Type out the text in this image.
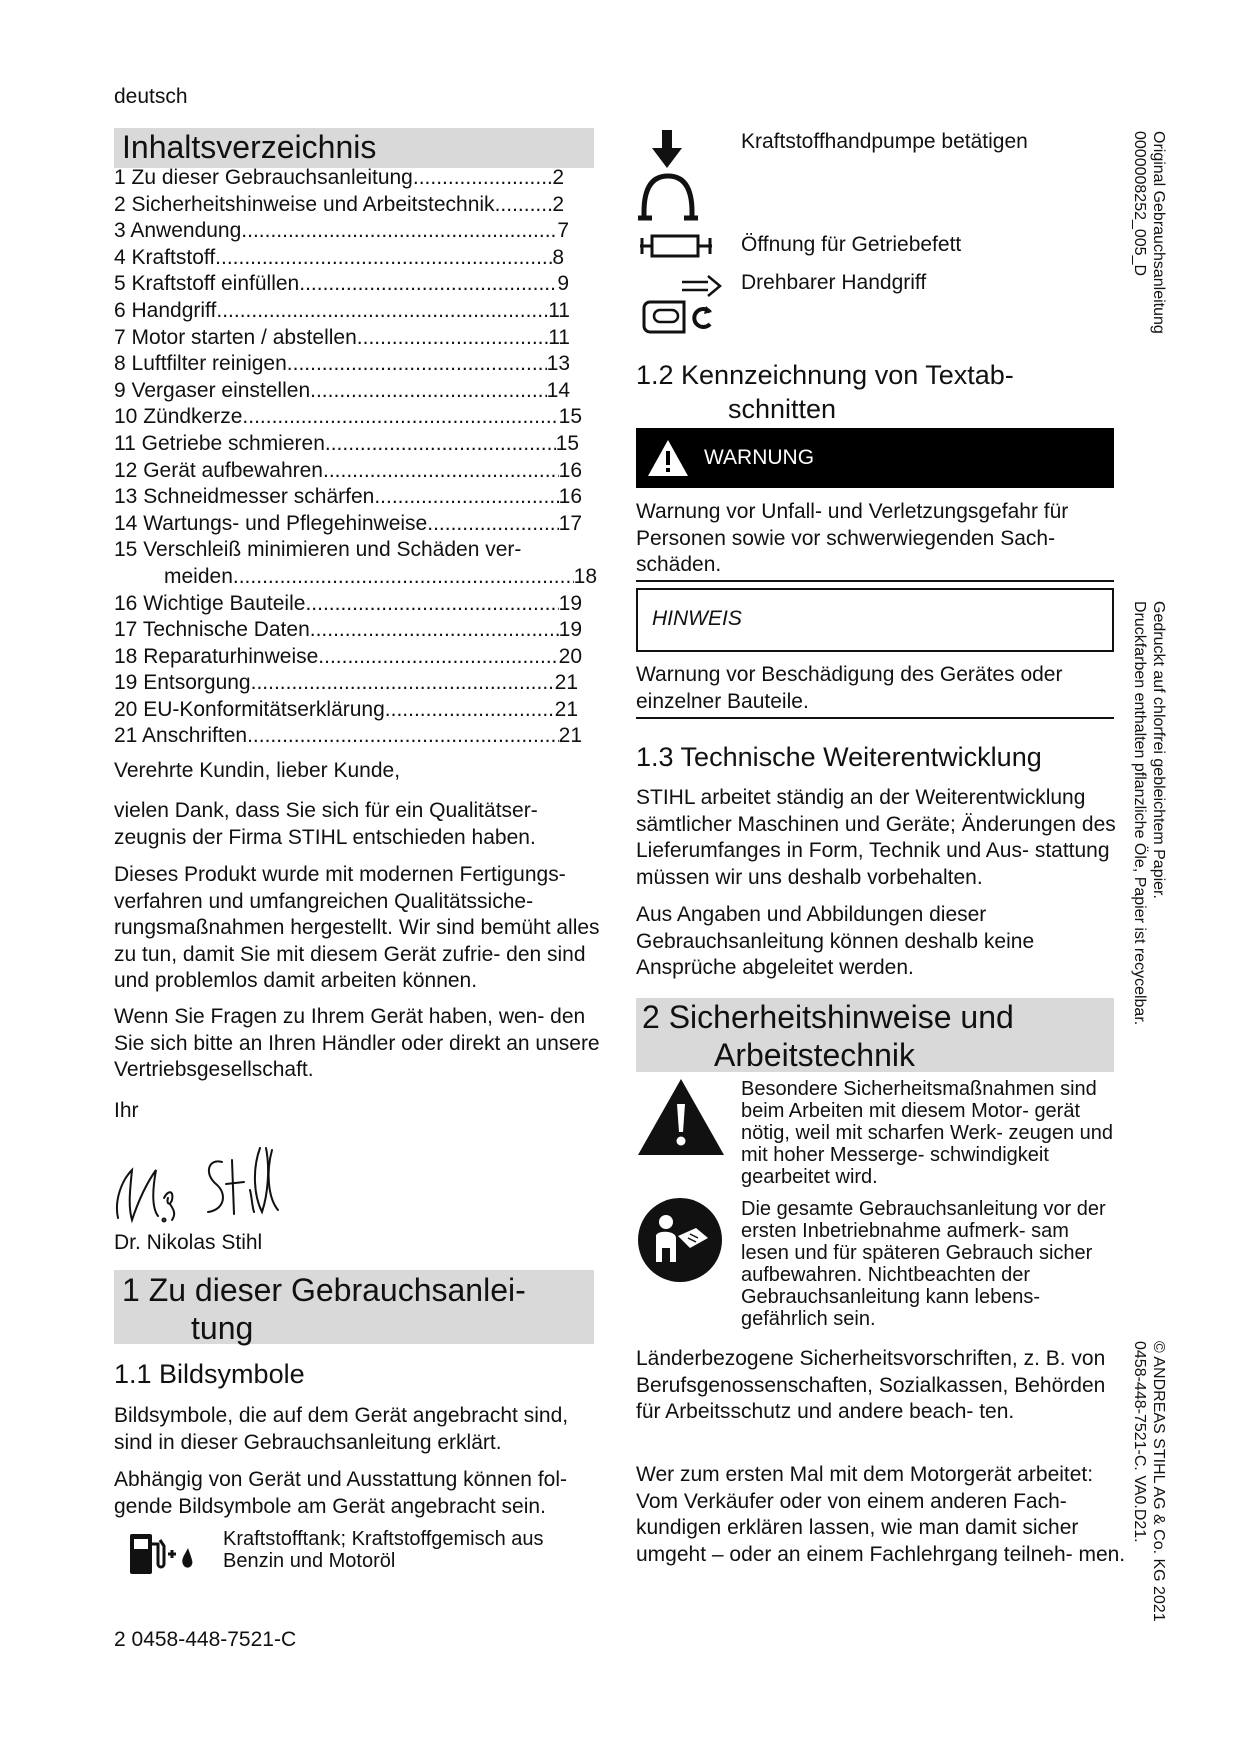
deutsch
Inhaltsverzeichnis
1 Zu dieser Gebrauchsanleitung .....	2
2 Sicherheitshinweise und Arbeitstechnik .....	2
3 Anwendung .....	7
4 Kraftstoff .....	8
5 Kraftstoff einfüllen .....	9
6 Handgriff .....	11
7 Motor starten / abstellen .....	11
8 Luftfilter reinigen .....	13
9 Vergaser einstellen .....	14
10 Zündkerze .....	15
11 Getriebe schmieren .....	15
12 Gerät aufbewahren .....	16
13 Schneidmesser schärfen .....	16
14 Wartungs- und Pflegehinweise .....	17
15 Verschleiß minimieren und Schäden ver-
meiden .....	18
16 Wichtige Bauteile .....	19
17 Technische Daten .....	19
18 Reparaturhinweise .....	20
19 Entsorgung .....	21
20 EU-Konformitätserklärung .....	21
21 Anschriften .....	21
Verehrte Kundin, lieber Kunde,
vielen Dank, dass Sie sich für ein Qualitätser- zeugnis der Firma STIHL entschieden haben.
Dieses Produkt wurde mit modernen Fertigungs- verfahren und umfangreichen Qualitätssiche- rungsmaßnahmen hergestellt. Wir sind bemüht alles zu tun, damit Sie mit diesem Gerät zufrie- den sind und problemlos damit arbeiten können.
Wenn Sie Fragen zu Ihrem Gerät haben, wen- den Sie sich bitte an Ihren Händler oder direkt an unsere Vertriebsgesellschaft.
Ihr
Dr. Nikolas Stihl
1 Zu dieser Gebrauchsanlei-
tung
1.1 Bildsymbole
Bildsymbole, die auf dem Gerät angebracht sind, sind in dieser Gebrauchsanleitung erklärt.
Abhängig von Gerät und Ausstattung können fol- gende Bildsymbole am Gerät angebracht sein.
Kraftstofftank; Kraftstoffgemisch aus Benzin und Motoröl
2 0458-448-7521-C
Kraftstoffhandpumpe betätigen
Öffnung für Getriebefett
Drehbarer Handgriff
1.2 Kennzeichnung von Textab-
schnitten
WARNUNG
Warnung vor Unfall- und Verletzungsgefahr für Personen sowie vor schwerwiegenden Sach- schäden.
HINWEIS
Warnung vor Beschädigung des Gerätes oder einzelner Bauteile.
1.3 Technische Weiterentwicklung
STIHL arbeitet ständig an der Weiterentwicklung sämtlicher Maschinen und Geräte; Änderungen des Lieferumfanges in Form, Technik und Aus- stattung müssen wir uns deshalb vorbehalten.
Aus Angaben und Abbildungen dieser Gebrauchsanleitung können deshalb keine Ansprüche abgeleitet werden.
2 Sicherheitshinweise und
Arbeitstechnik
Besondere Sicherheitsmaßnahmen sind beim Arbeiten mit diesem Motor- gerät nötig, weil mit scharfen Werk- zeugen und mit hoher Messerge- schwindigkeit gearbeitet wird.
Die gesamte Gebrauchsanleitung vor der ersten Inbetriebnahme aufmerk- sam lesen und für späteren Gebrauch sicher aufbewahren. Nichtbeachten der Gebrauchsanleitung kann lebens- gefährlich sein.
Länderbezogene Sicherheitsvorschriften, z. B. von Berufsgenossenschaften, Sozialkassen, Behörden für Arbeitsschutz und andere beach- ten.
Wer zum ersten Mal mit dem Motorgerät arbeitet: Vom Verkäufer oder von einem anderen Fach- kundigen erklären lassen, wie man damit sicher umgeht – oder an einem Fachlehrgang teilneh- men.
Original Gebrauchsanleitung
0000008252_005_D
Gedruckt auf chlorfrei gebleichtem Papier.
Druckfarben enthalten pflanzliche Öle, Papier ist recycelbar.
© ANDREAS STIHL AG & Co. KG 2021
0458-448-7521-C. VA0.D21.
